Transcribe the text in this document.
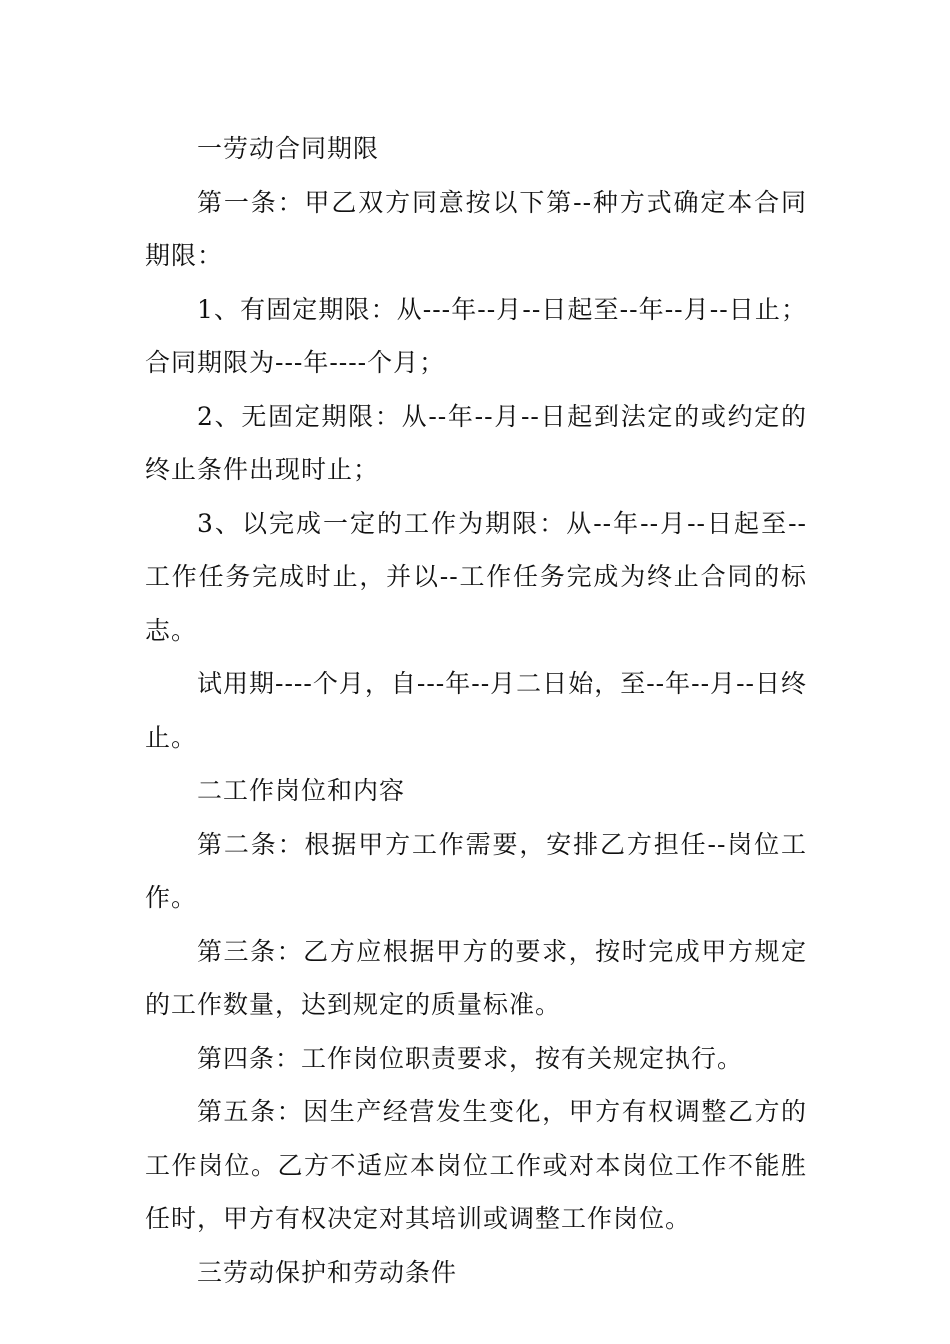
一劳动合同期限

第一条：甲乙双方同意按以下第--种方式确定本合同期限：

1、有固定期限：从---年--月--日起至--年--月--日止；合同期限为---年----个月；

2、无固定期限：从--年--月--日起到法定的或约定的终止条件出现时止；

3、以完成一定的工作为期限：从--年--月--日起至--工作任务完成时止，并以--工作任务完成为终止合同的标志。

试用期----个月，自---年--月二日始，至--年--月--日终止。

二工作岗位和内容

第二条：根据甲方工作需要，安排乙方担任--岗位工作。

第三条：乙方应根据甲方的要求，按时完成甲方规定的工作数量，达到规定的质量标准。

第四条：工作岗位职责要求，按有关规定执行。

第五条：因生产经营发生变化，甲方有权调整乙方的工作岗位。乙方不适应本岗位工作或对本岗位工作不能胜任时，甲方有权决定对其培训或调整工作岗位。

三劳动保护和劳动条件
